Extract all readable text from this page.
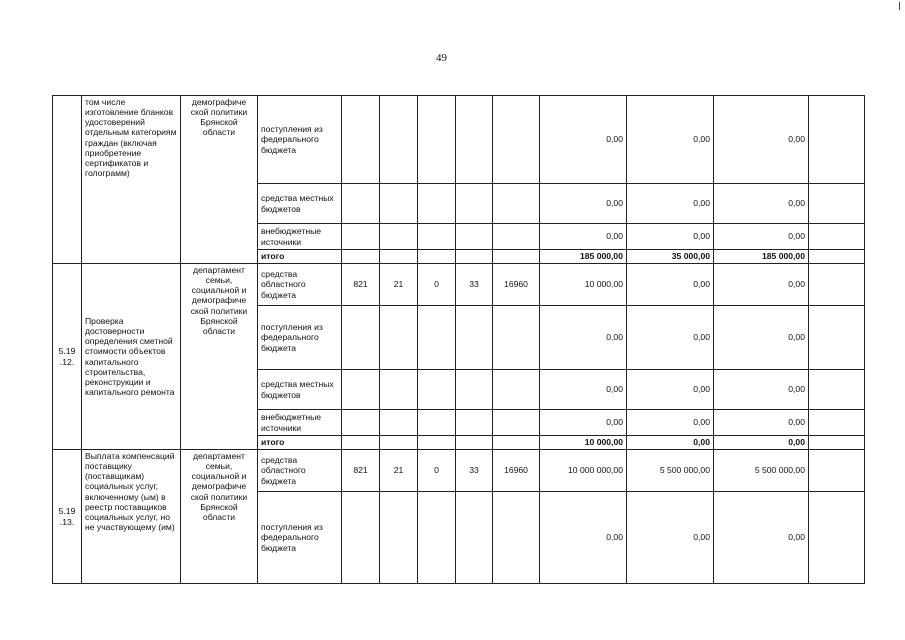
49
	том числе изготовление бланков удостоверений отдельным категориям граждан (включая приобретение сертификатов и голограмм)	демографиче ской политики Брянской области	поступления из федерального бюджета						0,00	0,00	0,00	
			средства местных бюджетов						0,00	0,00	0,00	
			внебюджетные источники						0,00	0,00	0,00	
			итого						185 000,00	35 000,00	185 000,00	
5.19 .12.	Проверка достоверности определения сметной стоимости объектов капитального строительства, реконструкции и капитального ремонта	департамент семьи, социальной и демографиче ской политики Брянской области	средства областного бюджета	821	21	0	33	16960	10 000,00	0,00	0,00	
			поступления из федерального бюджета						0,00	0,00	0,00	
			средства местных бюджетов						0,00	0,00	0,00	
			внебюджетные источники						0,00	0,00	0,00	
			итого						10 000,00	0,00	0,00	
5.19 .13.	Выплата компенсаций поставщику (поставщикам) социальных услуг, включенному (ым) в реестр поставщиков социальных услуг, но не участвующему (им)	департамент семьи, социальной и демографиче ской политики Брянской области	средства областного бюджета	821	21	0	33	16960	10 000 000,00	5 500 000,00	5 500 000,00	
			поступления из федерального бюджета						0,00	0,00	0,00	
